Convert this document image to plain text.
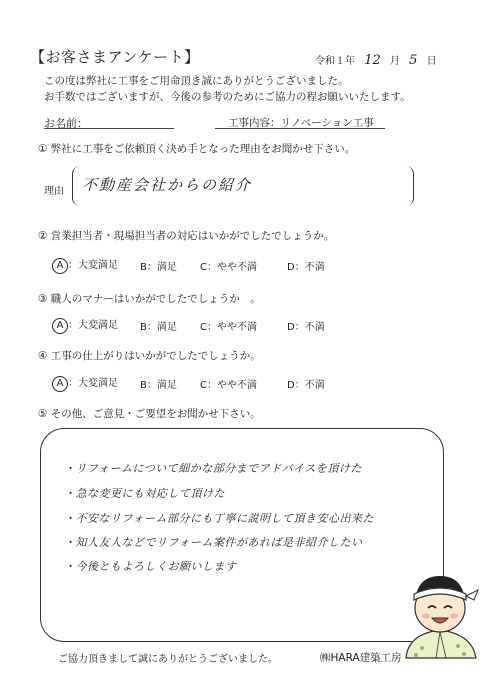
【お客さまアンケート】	令和１年 12 月 5 日
この度は弊社に工事をご用命頂き誠にありがとうございました。
お手数ではございますが、今後の参考のためにご協力の程お願いいたします。
お名前：	工事内容：リノベーション工事
① 弊社に工事をご依頼頂く決め手となった理由をお聞かせ下さい。
理由 不動産会社からの紹介
② 営業担当者・現場担当者の対応はいかがでしたでしょうか。
A ：大変満足 B：満足 C：やや不満	D：不満
③ 職人のマナーはいかがでしたでしょうか　。
A ：大変満足 B：満足 C：やや不満	D：不満
④ 工事の仕上がりはいかがでしたでしょうか。
A ：大変満足 B：満足 C：やや不満	D：不満
⑤ その他、ご意見・ご要望をお聞かせ下さい。
・リフォームについて細かな部分までアドバイスを頂けた
・急な変更にも対応して頂けた
・不安なリフォーム部分にも丁寧に説明して頂き安心出来た
・知人友人などでリフォーム案件があれば是非紹介したい
・今後ともよろしくお願いします
ご協力頂きまして誠にありがとうございました。	㈱HARA建築工房
